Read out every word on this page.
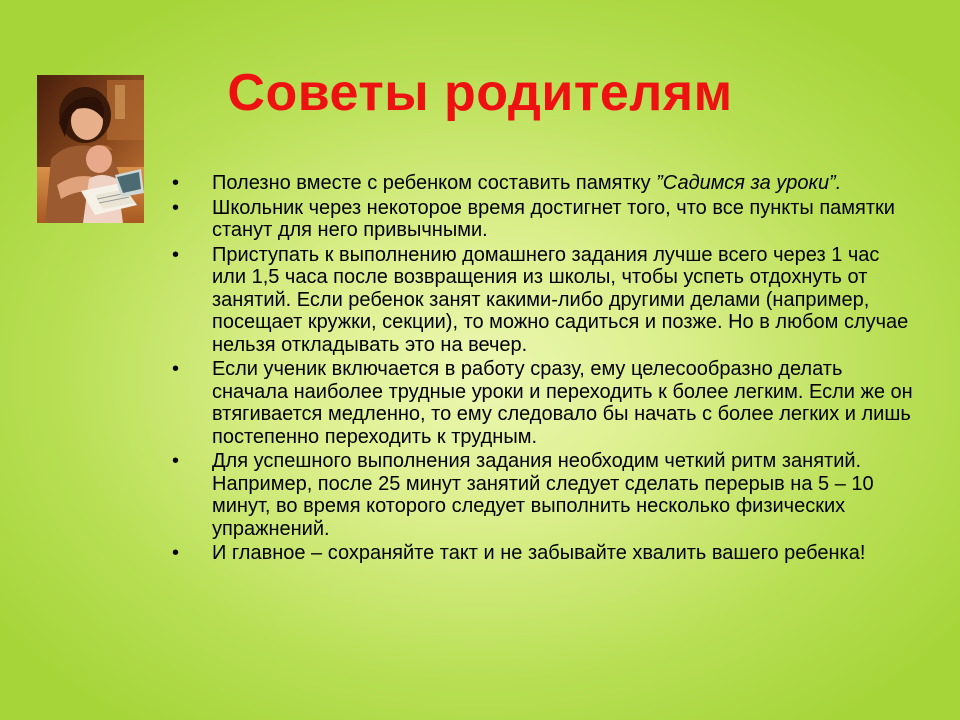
Советы родителям
•	Полезно вместе с ребенком составить памятку ”Садимся за уроки”.
•	Школьник через некоторое время достигнет того, что все пункты памятки станут для него привычными.
•	Приступать к выполнению домашнего задания лучше всего через 1 час или 1,5 часа после возвращения из школы, чтобы успеть отдохнуть от занятий. Если ребенок занят какими-либо другими делами (например, посещает кружки, секции), то можно садиться и позже. Но в любом случае нельзя откладывать это на вечер.
•	Если ученик включается в работу сразу, ему целесообразно делать сначала наиболее трудные уроки и переходить к более легким. Если же он втягивается медленно, то ему следовало бы начать с более легких и лишь постепенно переходить к трудным.
•	Для успешного выполнения задания необходим четкий ритм занятий. Например, после 25 минут занятий следует сделать перерыв на 5 – 10 минут, во время которого следует выполнить несколько физических упражнений.
•	И главное – сохраняйте такт и не забывайте хвалить вашего ребенка!
